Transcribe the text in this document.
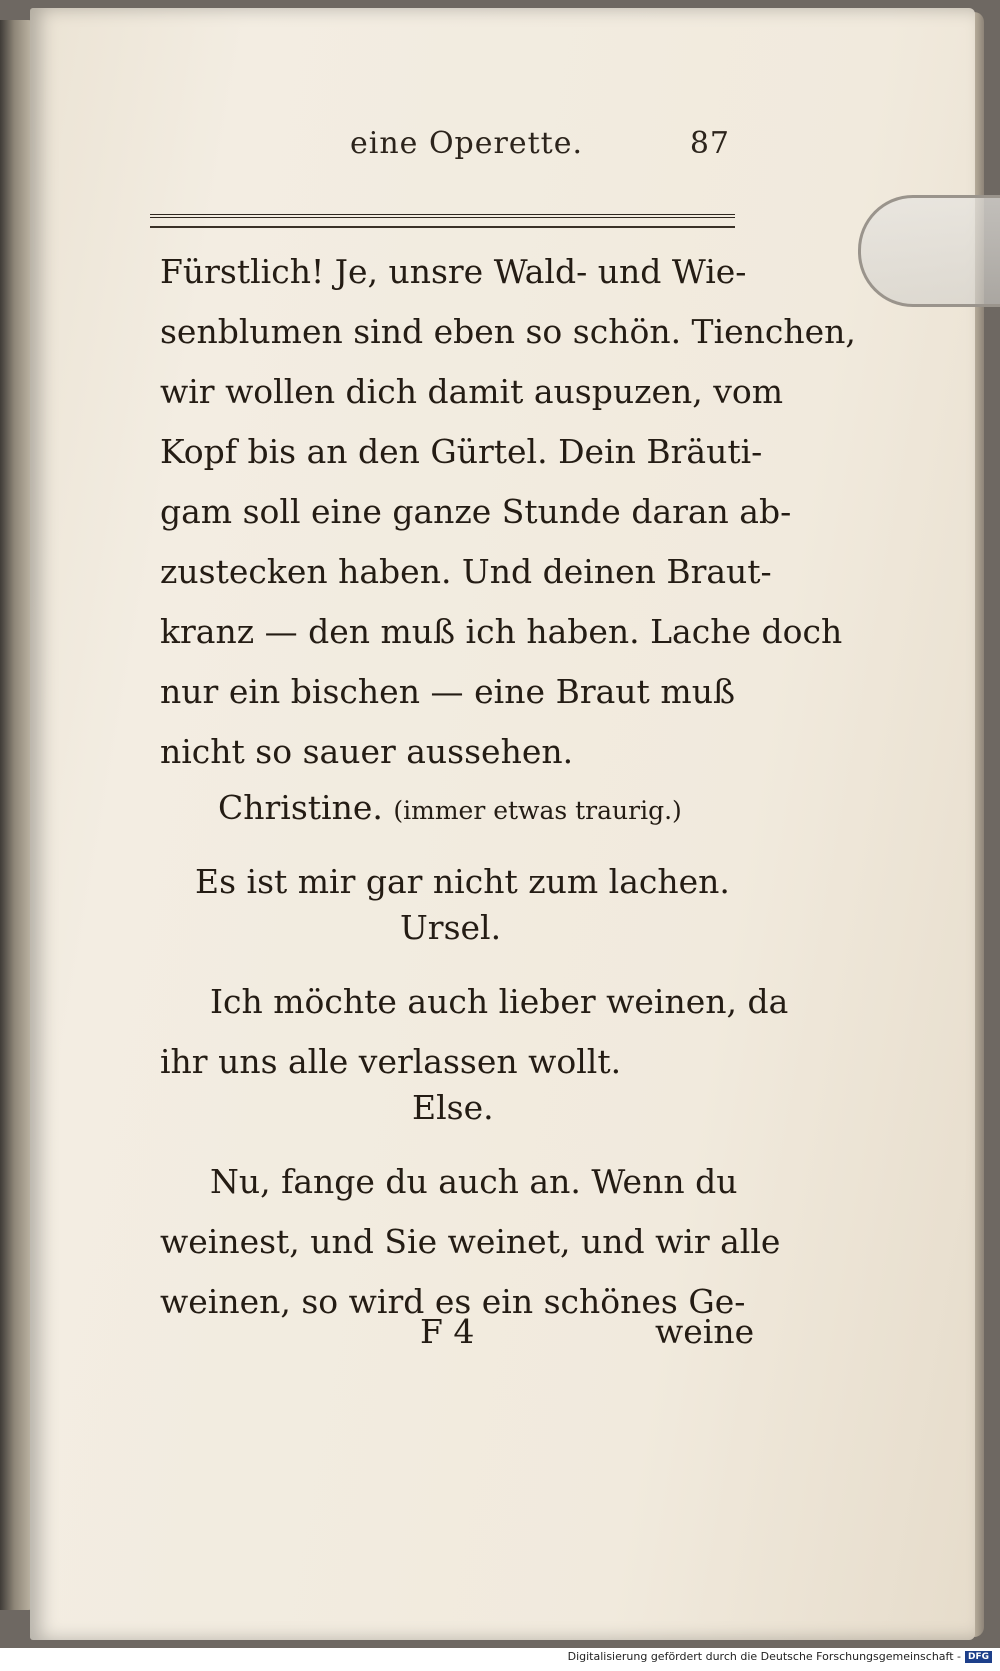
eine Operette.	87
Fürstlich! Je, unsre Wald- und Wie-
senblumen sind eben so schön. Tienchen,
wir wollen dich damit auspuzen, vom
Kopf bis an den Gürtel. Dein Bräuti-
gam soll eine ganze Stunde daran ab-
zustecken haben. Und deinen Braut-
kranz — den muß ich haben. Lache doch
nur ein bischen — eine Braut muß
nicht so sauer aussehen.
Christine. (immer etwas traurig.)
Es ist mir gar nicht zum lachen.
Ursel.
Ich möchte auch lieber weinen, da
ihr uns alle verlassen wollt.
Else.
Nu, fange du auch an. Wenn du
weinest, und Sie weinet, und wir alle
weinen, so wird es ein schönes Ge-
F 4	weine
Digitalisierung gefördert durch die Deutsche Forschungsgemeinschaft - DFG
